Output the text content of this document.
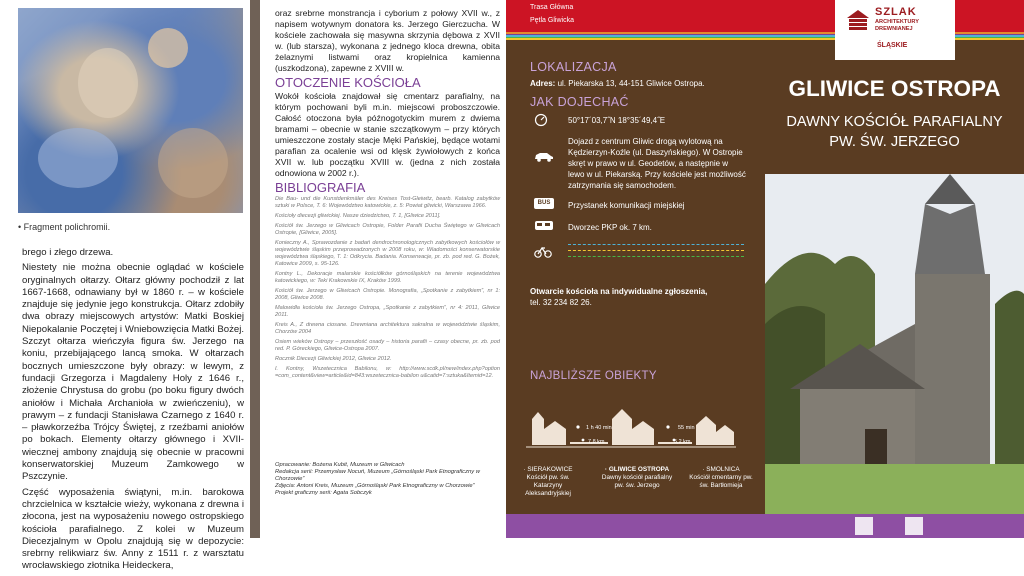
• Fragment polichromii.

brego i złego drzewa.

Niestety nie można obecnie oglądać w kościele oryginalnych ołtarzy. Ołtarz główny pochodził z lat 1667-1668, odnawiany był w 1860 r. – w kościele znajduje się jedynie jego konstrukcja. Ołtarz zdobiły dwa obrazy miejscowych artystów: Matki Boskiej Niepokalanie Poczętej i Wniebowzięcia Matki Bożej. Szczyt ołtarza wieńczyła figura św. Jerzego na koniu, przebijającego lancą smoka. W ołtarzach bocznych umieszczone były obrazy: w lewym, z fundacji Grzegorza i Magdaleny Holy z 1646 r., złożenie Chrystusa do grobu (po boku figury dwóch aniołów i Michała Archanioła w zwieńczeniu), w prawym – z fundacji Stanisława Czarnego z 1640 r. – pławkorzeźba Trójcy Świętej, z rzeźbami aniołów po bokach. Elementy ołtarzy głównego i XVII-wiecznej ambony znajdują się obecnie w pracowni konserwatorskiej Muzeum Zamkowego w Pszczynie.

Część wyposażenia świątyni, m.in. barokowa chrzcielnica w kształcie wieży, wykonana z drewna i złocona, jest na wyposażeniu nowego ostropskiego kościoła parafialnego. Z kolei w Muzeum Diecezjalnym w Opolu znajdują się w depozycie: srebrny relikwiarz św. Anny z 1511 r. z warsztatu wrocławskiego złotnika Heideckera,

oraz srebrne monstrancja i cyborium z połowy XVII w., z napisem wotywnym donatora ks. Jerzego Gierczucha. W kościele zachowała się masywna skrzynia dębowa z XVII w. (lub starsza), wykonana z jednego kloca drewna, obita żelaznymi listwami oraz kropielnica kamienna (uszkodzona), zapewne z XVIII w.

OTOCZENIE KOŚCIOŁA

Wokół kościoła znajdował się cmentarz parafialny, na którym pochowani byli m.in. miejscowi proboszczowie. Całość otoczona była późnogotyckim murem z dwiema bramami – obecnie w stanie szczątkowym – przy których umieszczone zostały stacje Męki Pańskiej, będące wotami parafian za ocalenie wsi od klęsk żywiołowych z końca XVII w. lub początku XVIII w. (jedna z nich została odnowiona w 2002 r.).

BIBLIOGRAFIA

Die Bau- und die Kunstdenkmäler des Kreises Tost-Gleiwitz, bearb. Katalog zabytków sztuki w Polsce, T. 6: Województwo katowickie, z. 5: Powiat gliwicki, Warszawa 1966.

Kościoły diecezji gliwickiej. Nasze dziedzictwo, T. 1, [Gliwice 2011].

Kościół św. Jerzego w Gliwicach Ostropie, Folder Parafii Ducha Świętego w Gliwicach Ostropie, [Gliwice, 2005].

Konieczny A., Sprawozdanie z badań dendrochronologicznych zabytkowych kościołów w województwie śląskim przeprowadzonych w 2008 roku, w: Wiadomości konserwatorskie województwa śląskiego, T. 1: Odkrycia. Badania. Konserwacje, pr. zb. pod red. G. Bożek, Katowice 2009, s. 95-126.

Kontny L., Dekoracje malarskie kościółków górnośląskich na terenie województwa katowickiego, w: Teki Krakowskie IX, Kraków 1999.

Kościół św. Jerzego w Gliwicach Ostropie. Monografia, „Spotkanie z zabytkiem”, nr 1: 2008, Gliwice 2008.

Malowidła kościoła św. Jerzego Ostropa, „Spotkanie z zabytkiem”, nr 4: 2011, Gliwice 2011.

Kreis A., Z drewna ciosane. Drewniana architektura sakralna w województwie śląskim, Chorzów 2004

Osiem wieków Ostropy – przeszłość osady – historia parafii – czasy obecne, pr. zb. pod red. P. Góreckiego, Gliwice-Ostropa 2007.

Rocznik Diecezji Gliwickiej 2012, Gliwice 2012.

I. Kontny, Wszetecznica Babilonu, w: http://www.scdk.pl/new/index.php?option =com_content&view=article&id=843:wszetecznica-babilon u&catid=7:sztuka&Itemid=12.

Opracowanie: Bożena Kubit, Muzeum w Gliwicach
Redakcja serii: Przemysław Nocuń, Muzeum „Górnośląski Park Etnograficzny w Chorzowie”
Zdjęcia: Antoni Kreis, Muzeum „Górnośląski Park Etnograficzny w Chorzowie”
Projekt graficzny serii: Agata Sobczyk
Trasa Główna
Pętla Gliwicka
LOKALIZACJA
Adres: ul. Piekarska 13, 44-151 Gliwice Ostropa.
JAK DOJECHAĆ
50°17´03,7˝N 18°35´49,4˝E
Dojazd z centrum Gliwic drogą wylotową na Kędzierzyn-Koźle (ul. Daszyńskiego). W Ostropie skręt w prawo w ul. Geodetów, a następnie w lewo w ul. Piekarską. Przy kościele jest możliwość zatrzymania się samochodem.
BUS	Przystanek komunikacji miejskiej
Dworzec PKP ok. 7 km.
Otwarcie kościoła na indywidualne zgłoszenia,
tel. 32 234 82 26.
NAJBLIŻSZE OBIEKTY
1 h 40 min
7,8 km
55 min
5,2 km
· SIERAKOWICE
Kościół pw. św. Katarzyny Aleksandryjskiej
· GLIWICE OSTROPA
Dawny kościół parafialny pw. św. Jerzego
· SMOLNICA
Kościół cmentarny pw. św. Bartłomieja
SZLAK
ARCHITEKTURY
DREWNIANEJ
ŚLĄSKIE
GLIWICE OSTROPA
DAWNY KOŚCIÓŁ PARAFIALNY
PW. ŚW. JERZEGO
